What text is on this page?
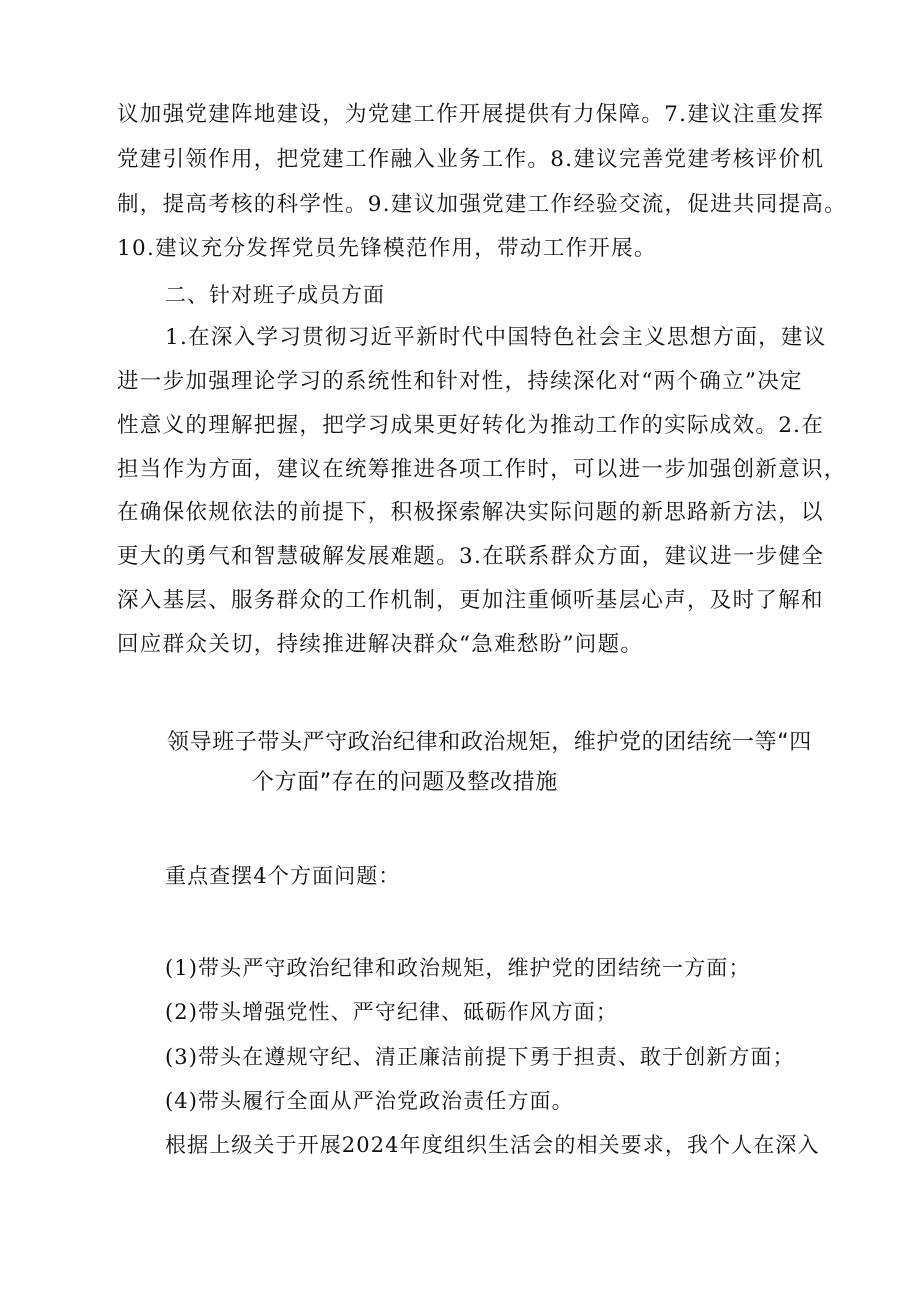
议加强党建阵地建设，为党建工作开展提供有力保障。7.建议注重发挥
党建引领作用，把党建工作融入业务工作。8.建议完善党建考核评价机
制，提高考核的科学性。9.建议加强党建工作经验交流，促进共同提高。
10.建议充分发挥党员先锋模范作用，带动工作开展。
二、针对班子成员方面
1.在深入学习贯彻习近平新时代中国特色社会主义思想方面，建议
进一步加强理论学习的系统性和针对性，持续深化对“两个确立”决定
性意义的理解把握，把学习成果更好转化为推动工作的实际成效。2.在
担当作为方面，建议在统筹推进各项工作时，可以进一步加强创新意识，
在确保依规依法的前提下，积极探索解决实际问题的新思路新方法，以
更大的勇气和智慧破解发展难题。3.在联系群众方面，建议进一步健全
深入基层、服务群众的工作机制，更加注重倾听基层心声，及时了解和
回应群众关切，持续推进解决群众“急难愁盼”问题。
领导班子带头严守政治纪律和政治规矩，维护党的团结统一等“四
个方面”存在的问题及整改措施
重点查摆4个方面问题：
(1)带头严守政治纪律和政治规矩，维护党的团结统一方面；
(2)带头增强党性、严守纪律、砥砺作风方面；
(3)带头在遵规守纪、清正廉洁前提下勇于担责、敢于创新方面；
(4)带头履行全面从严治党政治责任方面。
根据上级关于开展2024年度组织生活会的相关要求，我个人在深入
